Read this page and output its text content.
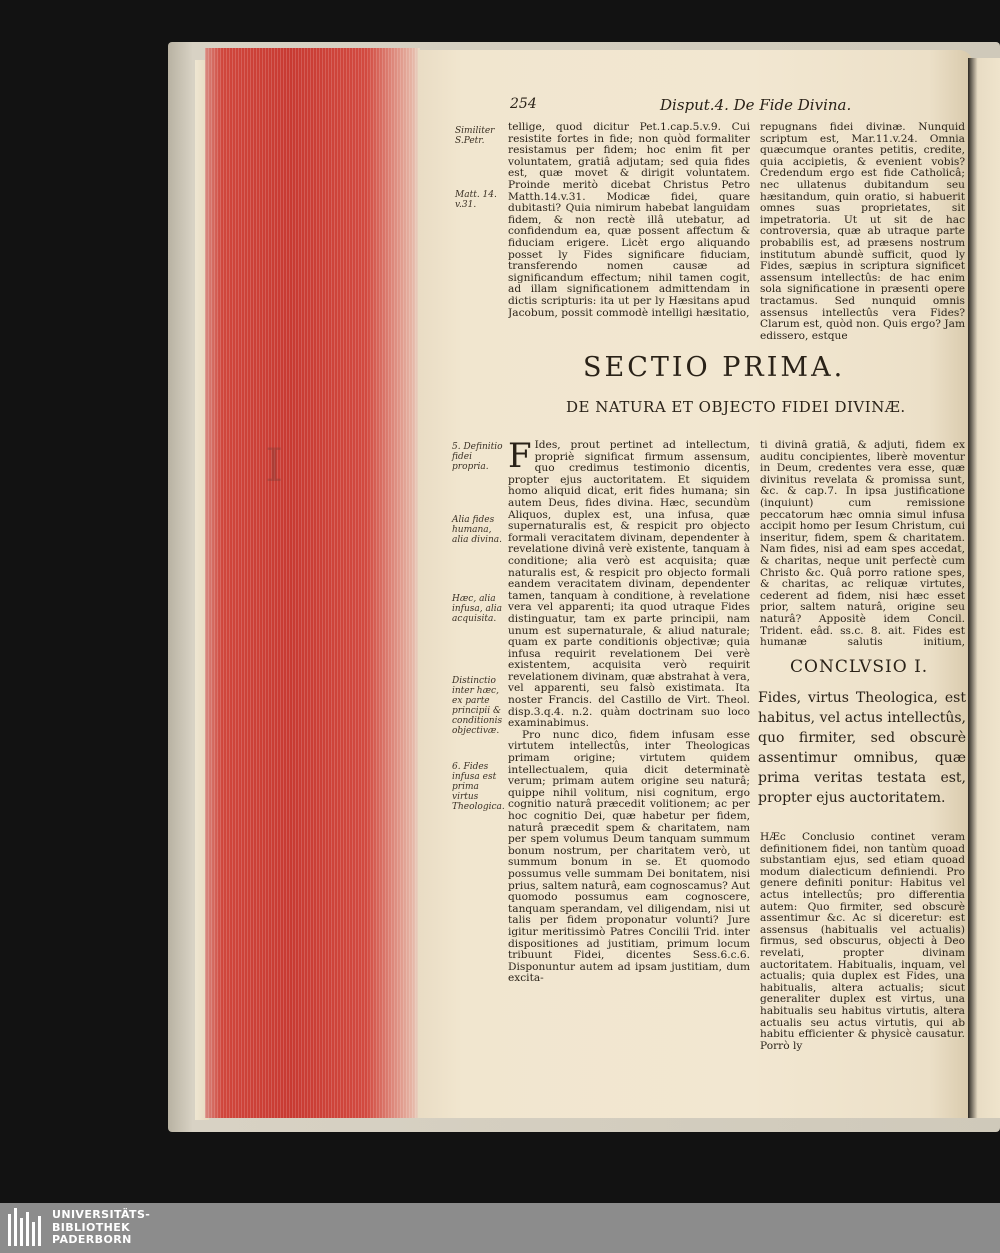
I
254	Disput.4. De Fide Divina.
Similiter S.Petr.
Matt. 14. v.31.
tellige, quod dicitur Pet.1.cap.5.v.9. Cui resistite fortes in fide; non quòd formaliter resistamus per fidem; hoc enim fit per voluntatem, gratiâ adjutam; sed quia fides est, quæ movet & dirigit voluntatem. Proinde meritò dicebat Christus Petro Matth.14.v.31. Modicæ fidei, quare dubitasti? Quia nimirum habebat languidam fidem, & non rectè illâ utebatur, ad confidendum ea, quæ possent affectum & fiduciam erigere. Licèt ergo aliquando posset ly Fides significare fiduciam, transferendo nomen causæ ad significandum effectum; nihil tamen cogit, ad illam significationem admittendam in dictis scripturis: ita ut per ly Hæsitans apud Jacobum, possit commodè intelligi hæsitatio,
repugnans fidei divinæ. Nunquid scriptum est, Mar.11.v.24. Omnia quæcumque orantes petitis, credite, quia accipietis, & evenient vobis? Credendum ergo est fide Catholicâ; nec ullatenus dubitandum seu hæsitandum, quin oratio, si habuerit omnes suas proprietates, sit impetratoria. Ut ut sit de hac controversia, quæ ab utraque parte probabilis est, ad præsens nostrum institutum abundè sufficit, quod ly Fides, sæpius in scriptura significet assensum intellectûs: de hac enim sola significatione in præsenti opere tractamus. Sed nunquid omnis assensus intellectûs vera Fides? Clarum est, quòd non. Quis ergo? Jam edissero, estque
SECTIO PRIMA.
DE NATURA ET OBJECTO FIDEI DIVINÆ.
5. Definitio fidei propria.
Alia fides humana, alia divina.
Hæc, alia infusa, alia acquisita.
Distinctio inter hæc, ex parte principii & conditionis objectivæ.
6. Fides infusa est prima virtus Theologica.

F Ides, prout pertinet ad intellectum, propriè significat firmum assensum, quo credimus testimonio dicentis, propter ejus auctoritatem. Et siquidem homo aliquid dicat, erit fides humana; sin autem Deus, fides divina. Hæc, secundùm Aliquos, duplex est, una infusa, quæ supernaturalis est, & respicit pro objecto formali veracitatem divinam, dependenter à revelatione divinâ verè existente, tanquam à conditione; alia verò est acquisita; quæ naturalis est, & respicit pro objecto formali eandem veracitatem divinam, dependenter tamen, tanquam à conditione, à revelatione vera vel apparenti; ita quod utraque Fides distinguatur, tam ex parte principii, nam unum est supernaturale, & aliud naturale; quam ex parte conditionis objectivæ; quia infusa requirit revelationem Dei verè existentem, acquisita verò requirit revelationem divinam, quæ abstrahat à vera, vel apparenti, seu falsò existimata. Ita noster Francis. del Castillo de Virt. Theol. disp.3.q.4. n.2. quàm doctrinam suo loco examinabimus.

Pro nunc dico, fidem infusam esse virtutem intellectûs, inter Theologicas primam origine; virtutem quidem intellectualem, quia dicit determinatè verum; primam autem origine seu naturâ; quippe nihil volitum, nisi cognitum, ergo cognitio naturâ præcedit volitionem; ac per hoc cognitio Dei, quæ habetur per fidem, naturâ præcedit spem & charitatem, nam per spem volumus Deum tanquam summum bonum nostrum, per charitatem verò, ut summum bonum in se. Et quomodo possumus velle summam Dei bonitatem, nisi prius, saltem naturâ, eam cognoscamus? Aut quomodo possumus eam cognoscere, tanquam sperandam, vel diligendam, nisi ut talis per fidem proponatur volunti? Jure igitur meritissimò Patres Concilii Trid. inter dispositiones ad justitiam, primum locum tribuunt Fidei, dicentes Sess.6.c.6. Disponuntur autem ad ipsam justitiam, dum excita-

ti divinâ gratiâ, & adjuti, fidem ex auditu concipientes, liberè moventur in Deum, credentes vera esse, quæ divinitus revelata & promissa sunt, &c. & cap.7. In ipsa justificatione (inquiunt) cum remissione peccatorum hæc omnia simul infusa accipit homo per Iesum Christum, cui inseritur, fidem, spem & charitatem. Nam fides, nisi ad eam spes accedat, & charitas, neque unit perfectè cum Christo &c. Quâ porro ratione spes, & charitas, ac reliquæ virtutes, cederent ad fidem, nisi hæc esset prior, saltem naturâ, origine seu naturâ? Appositè idem Concil. Trident. eâd. ss.c. 8. ait. Fides est humanæ salutis initium,
CONCLVSIO I.
Fides, virtus Theologica, est habitus, vel actus intellectûs, quo firmiter, sed obscurè assentimur omnibus, quæ prima veritas testata est, propter ejus auctoritatem.
HÆc Conclusio continet veram definitionem fidei, non tantùm quoad substantiam ejus, sed etiam quoad modum dialecticum definiendi. Pro genere definiti ponitur: Habitus vel actus intellectûs; pro differentia autem: Quo firmiter, sed obscurè assentimur &c. Ac si diceretur: est assensus (habitualis vel actualis) firmus, sed obscurus, objecti à Deo revelati, propter divinam auctoritatem. Habitualis, inquam, vel actualis; quia duplex est Fides, una habitualis, altera actualis; sicut generaliter duplex est virtus, una habitualis seu habitus virtutis, altera actualis seu actus virtutis, qui ab habitu efficienter & physicè causatur. Porrò ly
UNIVERSITÄTS-
BIBLIOTHEK
PADERBORN
